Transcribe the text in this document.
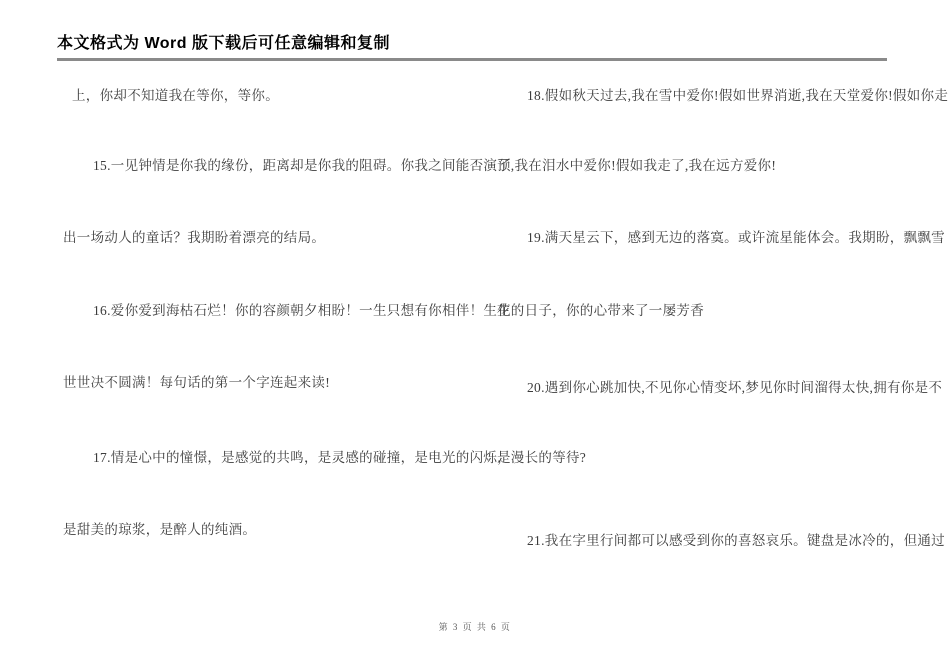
本文格式为 Word 版下载后可任意编辑和复制

上，你却不知道我在等你，等你。

15.一见钟情是你我的缘份，距离却是你我的阻碍。你我之间能否演预

出一场动人的童话？我期盼着漂亮的结局。

16.爱你爱到海枯石烂！你的容颜朝夕相盼！一生只想有你相伴！生生

世世决不圆满！每句话的第一个字连起来读!

17.情是心中的憧憬，是感觉的共鸣，是灵感的碰撞，是电光的闪烁，

是甜美的琼浆，是醉人的纯酒。

18.假如秋天过去,我在雪中爱你!假如世界消逝,我在天堂爱你!假如你走

了,我在泪水中爱你!假如我走了,我在远方爱你!

19.满天星云下，感到无边的落寞。或许流星能体会。我期盼，飘飘雪

花的日子，你的心带来了一屡芳香

20.遇到你心跳加快,不见你心情变坏,梦见你时间溜得太快,拥有你是不

是漫长的等待?

21.我在字里行间都可以感受到你的喜怒哀乐。键盘是冰冷的，但通过

第 3 页 共 6 页
